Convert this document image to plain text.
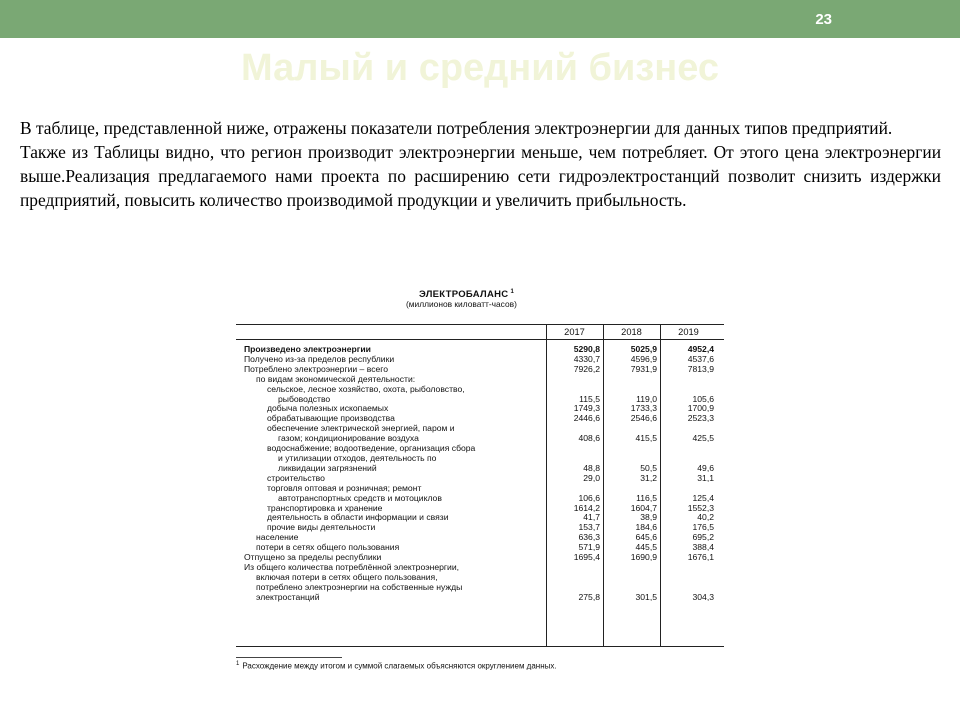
23
Малый и средний бизнес

В таблице, представленной ниже, отражены показатели потребления электроэнергии для данных типов предприятий.

Также из Таблицы видно, что регион производит электроэнергии меньше, чем потребляет. От этого цена электроэнергии выше.Реализация предлагаемого нами проекта по расширению сети гидроэлектростанций позволит снизить издержки предприятий, повысить количество производимой продукции и увеличить прибыльность.

ЭЛЕКТРОБАЛАНС $^1$
(миллионов киловатт-часов)
2017	2018	2019
Произведено электроэнергии	5290,8	5025,9	4952,4
Получено из-за пределов республики	4330,7	4596,9	4537,6
Потреблено электроэнергии – всего	7926,2	7931,9	7813,9
по видам экономической деятельности:
сельское, лесное хозяйство, охота, рыболовство,
рыбоводство	115,5	119,0	105,6
добыча полезных ископаемых	1749,3	1733,3	1700,9
обрабатывающие производства	2446,6	2546,6	2523,3
обеспечение электрической энергией, паром и
газом; кондиционирование воздуха	408,6	415,5	425,5
водоснабжение; водоотведение, организация сбора
и утилизации отходов, деятельность по
ликвидации загрязнений	48,8	50,5	49,6
строительство	29,0	31,2	31,1
торговля оптовая и розничная; ремонт
автотранспортных средств и мотоциклов	106,6	116,5	125,4
транспортировка и хранение	1614,2	1604,7	1552,3
деятельность в области информации и связи	41,7	38,9	40,2
прочие виды деятельности	153,7	184,6	176,5
население	636,3	645,6	695,2
потери в сетях общего пользования	571,9	445,5	388,4
Отпущено за пределы республики	1695,4	1690,9	1676,1
Из общего количества потреблённой электроэнергии,
включая потери в сетях общего пользования,
потреблено электроэнергии на собственные нужды
электростанций	275,8	301,5	304,3
$^1$ Расхождение между итогом и суммой слагаемых объясняются округлением данных.
